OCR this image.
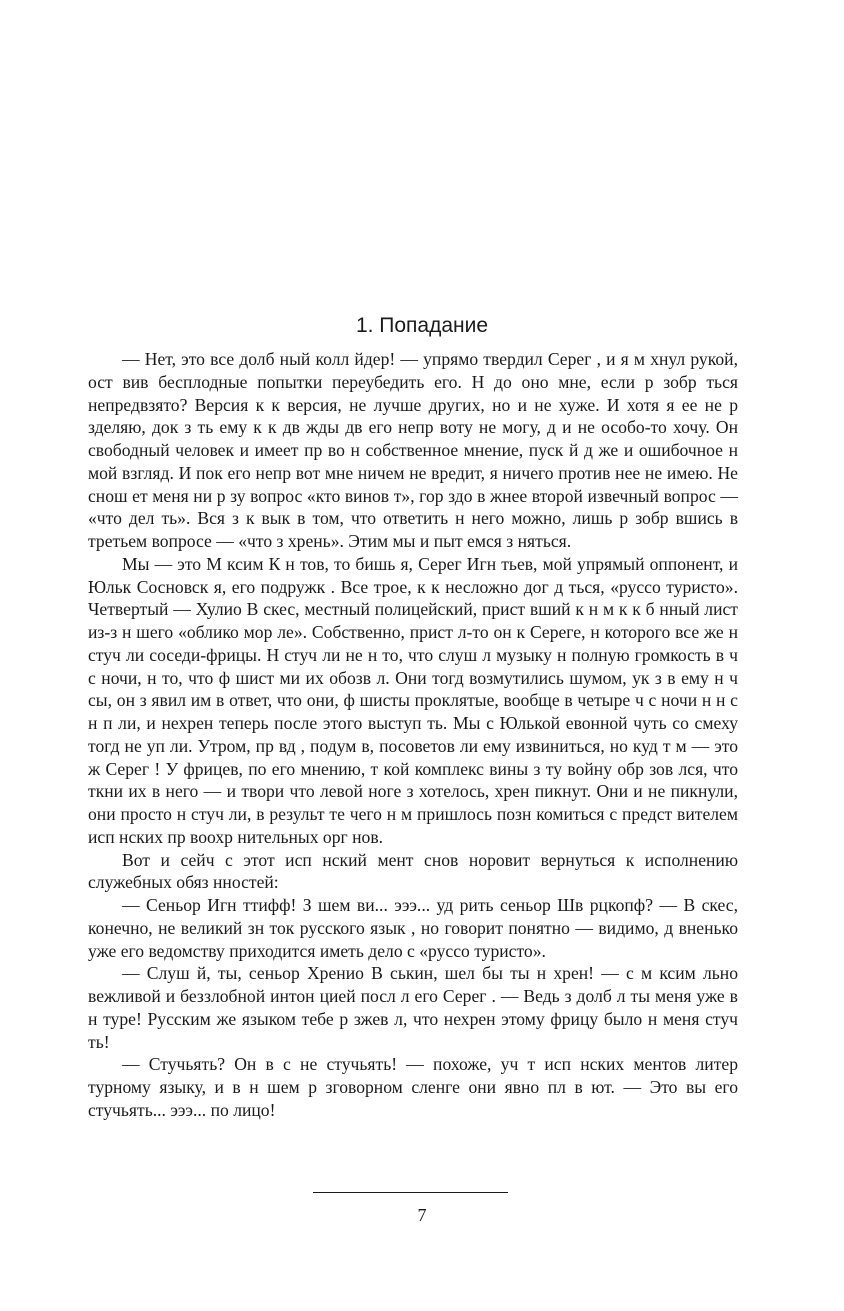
1. Попадание

— Нет, это все долб ный колл йдер! — упрямо твердил Серег , и я м хнул рукой, ост вив бесплодные попытки переубедить его. Н до оно мне, если р зобр ться непредвзято? Версия к к версия, не лучше других, но и не хуже. И хотя я ее не р зделяю, док з ть ему к к дв жды дв его непр воту не могу, д и не особо-то хочу. Он свободный человек и имеет пр во н собственное мнение, пуск й д же и ошибочное н мой взгляд. И пок его непр вот мне ничем не вредит, я ничего против нее не имею. Не снош ет меня ни р зу вопрос «кто винов т», гор здо в жнее второй извечный вопрос — «что дел ть». Вся з к вык в том, что ответить н него можно, лишь р зобр вшись в третьем вопросе — «что з хрень». Этим мы и пыт емся з няться.

Мы — это М ксим К н тов, то бишь я, Серег Игн тьев, мой упрямый оппонент, и Юльк Сосновск я, его подружк . Все трое, к к несложно дог д ться, «руссо туристо». Четвертый — Хулио В скес, местный полицейский, прист вший к н м к к б нный лист из-з н шего «облико мор ле». Собственно, прист л-то он к Сереге, н которого все же н стуч ли соседи-фрицы. Н стуч ли не н то, что слуш л музыку н полную громкость в ч с ночи, н то, что ф шист ми их обозв л. Они тогд возмутились шумом, ук з в ему н ч сы, он з явил им в ответ, что они, ф шисты проклятые, вообще в четыре ч с ночи н н с н п ли, и нехрен теперь после этого выступ ть. Мы с Юлькой евонной чуть со смеху тогд не уп ли. Утром, пр вд , подум в, посоветов ли ему извиниться, но куд т м — это ж Серег ! У фрицев, по его мнению, т кой комплекс вины з ту войну обр зов лся, что ткни их в него — и твори что левой ноге з хотелось, хрен пикнут. Они и не пикнули, они просто н стуч ли, в результ те чего н м пришлось позн комиться с предст вителем исп нских пр воохр нительных орг нов.

Вот и сейч с этот исп нский мент снов норовит вернуться к исполнению служебных обяз нностей:

— Сеньор Игн ттифф! З шем ви... эээ... уд рить сеньор Шв рцкопф? — В скес, конечно, не великий зн ток русского язык , но говорит понятно — видимо, д вненько уже его ведомству приходится иметь дело с «руссо туристо».

— Слуш й, ты, сеньор Хренио В ськин, шел бы ты н хрен! — с м ксим льно вежливой и беззлобной интон цией посл л его Серег . — Ведь з долб л ты меня уже в н туре! Русским же языком тебе р зжев л, что нехрен этому фрицу было н меня стуч ть!

— Стучьять? Он в с не стучьять! — похоже, уч т исп нских ментов литер турному языку, и в н шем р зговорном сленге они явно пл в ют. — Это вы его стучьять... эээ... по лицо!

7
